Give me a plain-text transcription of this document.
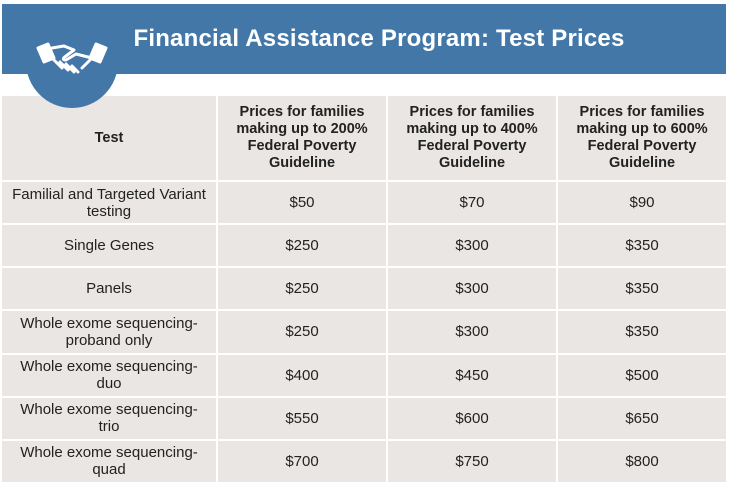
Financial Assistance Program: Test Prices
Test	Prices for families making up to 200% Federal Poverty Guideline	Prices for families making up to 400% Federal Poverty Guideline	Prices for families making up to 600% Federal Poverty Guideline
Familial and Targeted Variant testing	$50	$70	$90
Single Genes	$250	$300	$350
Panels	$250	$300	$350
Whole exome sequencing- proband only	$250	$300	$350
Whole exome sequencing- duo	$400	$450	$500
Whole exome sequencing- trio	$550	$600	$650
Whole exome sequencing- quad	$700	$750	$800
